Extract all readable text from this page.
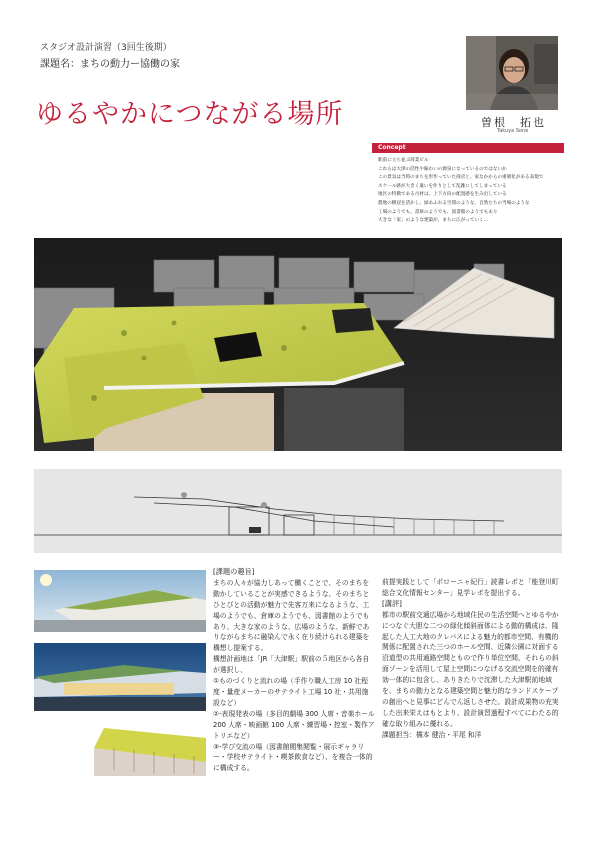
スタジオ設計演習（3回生後期）
課題名：まちの動力ー協働の家
ゆるやかにつながる場所	曽根　拓也
Takuya Sone
Concept
駅前に立ち並ぶ商業ビル
これらは大津の活性や賑わいの源泉になっているのではないか
この景気は当時のまちを形作っていた商店と、家なかからの重層化がある表現で
スケール感が大きく違いを作りとして乱雑にしてしまっている
地区の特徴である古材は、上下方向の配置感を生み出している
農地の樹冠を活かし、緑あふれる空間のような、自然たちの当場のような
工場のようでも、書庫のようでも、図書館のようでもあり
大きな「家」のような建築が、まちに広がっていく…

[課題の趣旨]

まちの人々が協力しあって働くことで、そのまちを動かしていることが実感できるような、そのまちとひとびとの活動が魅力で先客万来になるような、工場のようでも、倉庫のようでも、図書館のようでもあり、大きな家のような、広場のような、新鮮でありながらまちに融染んで永く在り続けられる建築を構想し提案する。

構想計画地は「JR「大津駅」駅前の５地区から各自が選択し、

①ものづくりと流れの場（手作り職人工房 10 社程度・量産メーカーのサテライト工場 10 社・共用施設など）

②-表現発表の場（多目的劇場 300 人席・音楽ホール 200 人席・映画館 100 人席・練習場・控室・製作アトリエなど）

③-学び交流の場（図書館閲集閲覧・展示ギャラリー・学校サテライト・喫茶飲食など）、を複合一体的に構成する。

前提実践として「ポローニャ紀行」読書レポと「能登川町総合文化情報センター」見学レポを提出する。

[講評]

都市の駅前交通広場から地域住民の生活空間へとゆるやかにつなぐ大胆な二つの緑化傾斜面体による動的構成は、隆起した人工大地のクレバスによる魅力的都市空間、有機的関係に配置された三つのホール空間、近隣公園に対面する沿道型の共用通路空間ともので作り単位空間、それらの斜面ゾーンを活用して屋上空間につなげる交流空間を的確有効一体的に包含し、ありきたりで沈滞した大津駅前地域を、まちの動力となる建築空間と魅力的なランドスケープの創出へと見事にどんでん返しさせた。設計成果物の充実した出来栄えはもとより、設計演習過程すべてにわたる的確な取り組みに優れる。

課題担当：槻本 健治・平尾 和洋
